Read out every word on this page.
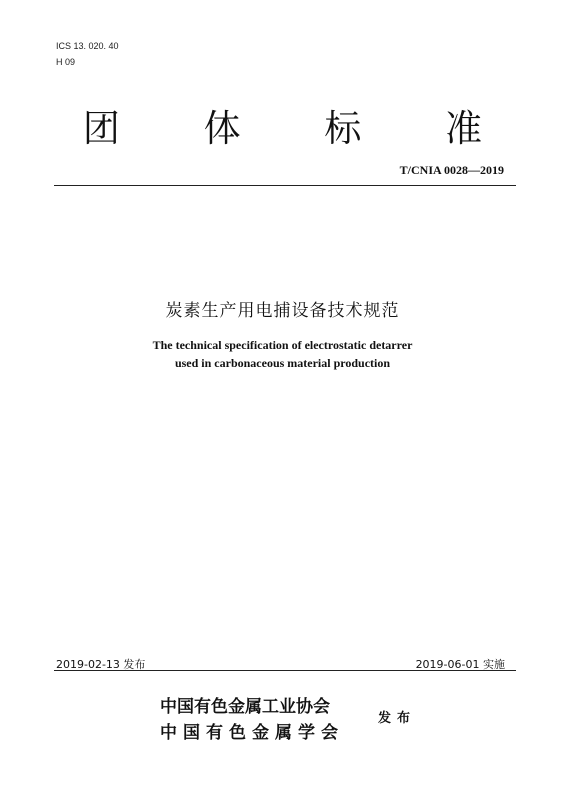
ICS 13. 020. 40
H 09
团 体 标 准
T/CNIA 0028—2019
炭素生产用电捕设备技术规范
The technical specification of electrostatic detarrer
used in carbonaceous material production
2019-02-13 发布	2019-06-01 实施
中国有色金属工业协会
中国有色金属学会
发布
